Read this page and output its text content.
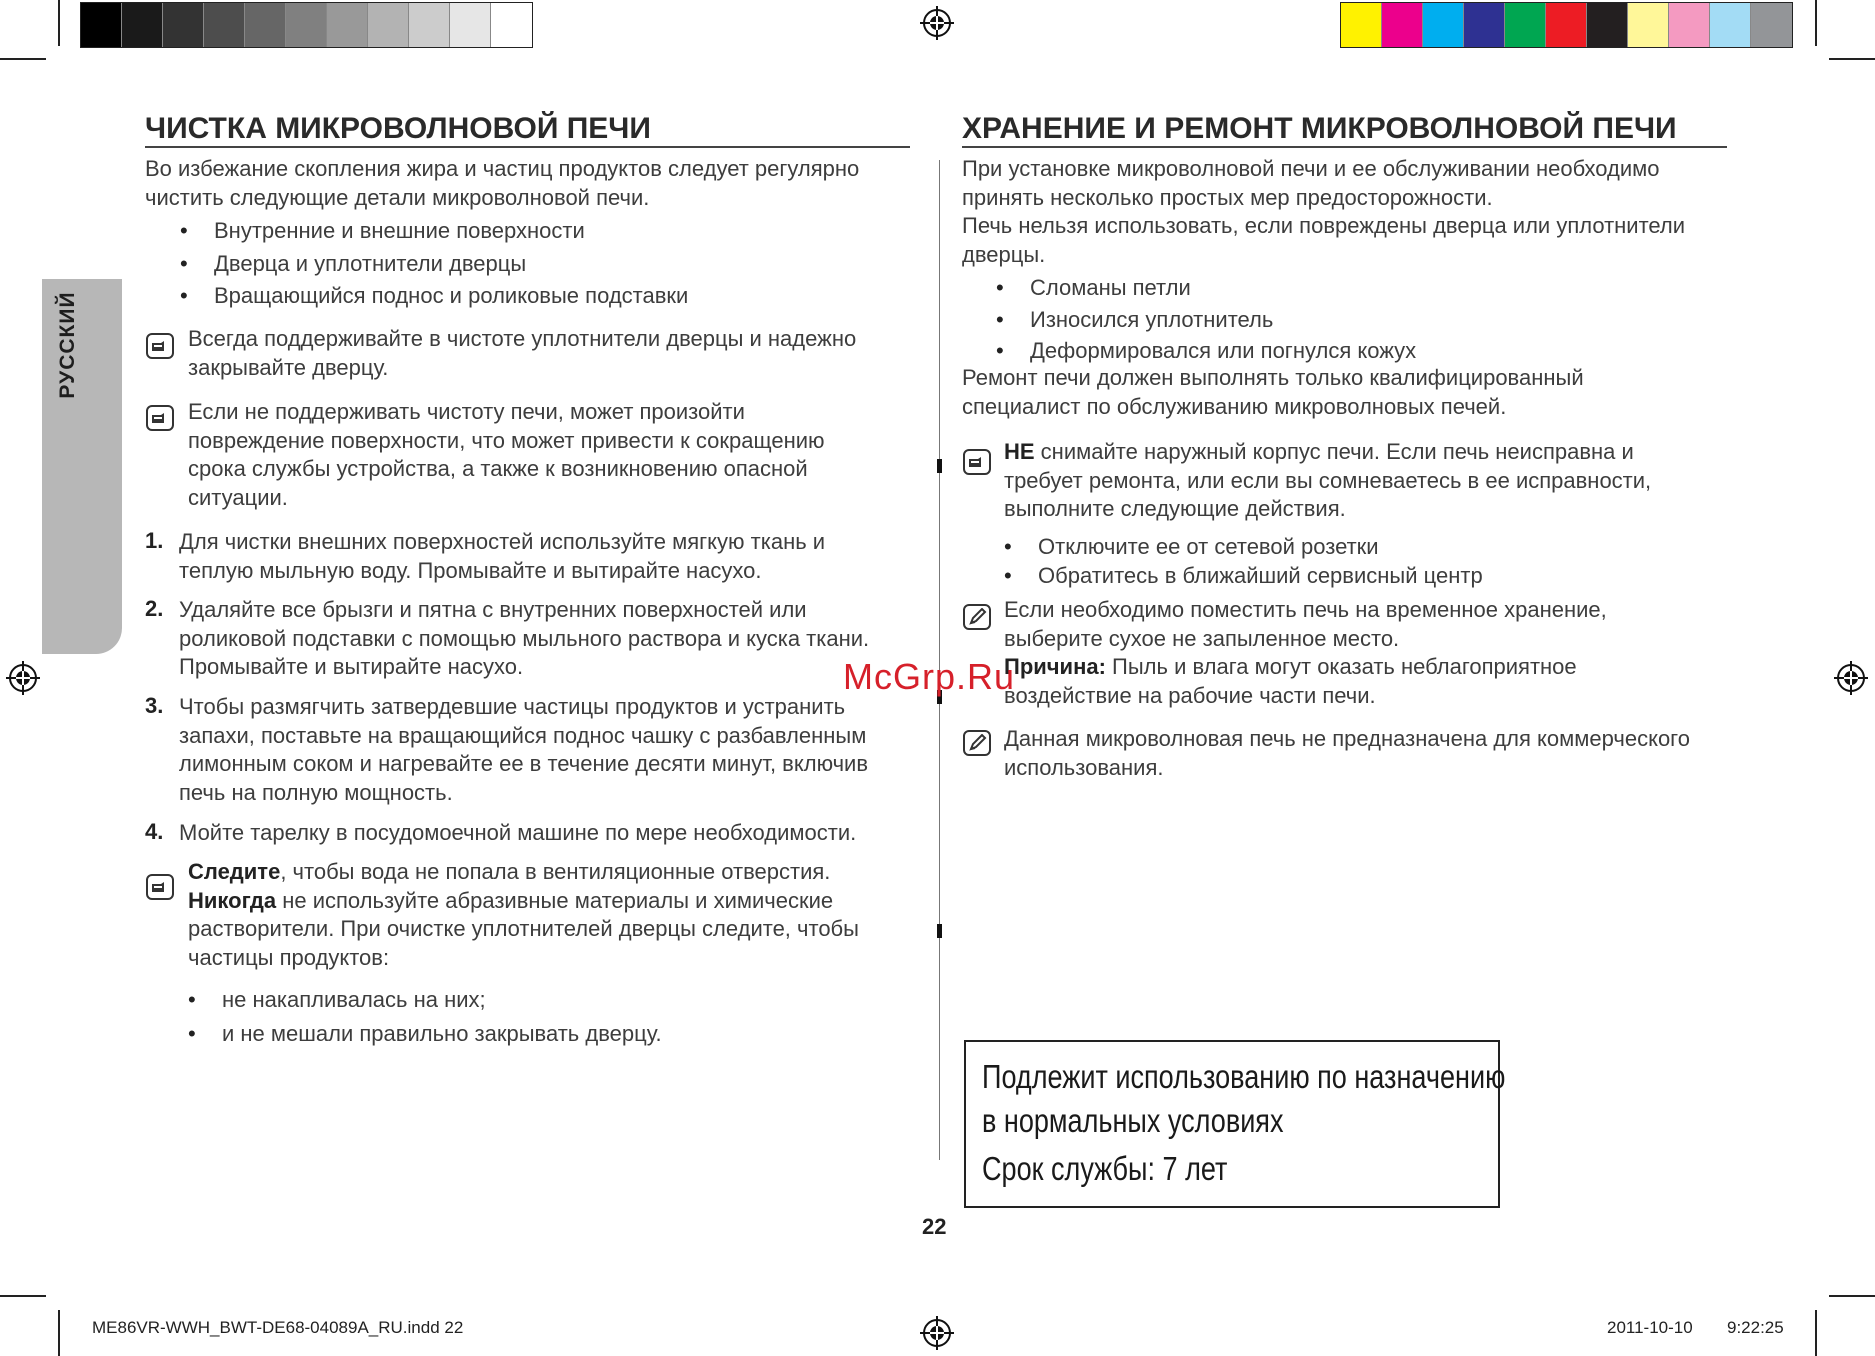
РУССКИЙ
ЧИСТКА МИКРОВОЛНОВОЙ ПЕЧИ
Во избежание скопления жира и частиц продуктов следует регулярно
чистить следующие детали микроволновой печи.
• Внутренние и внешние поверхности
• Дверца и уплотнители дверцы
• Вращающийся поднос и роликовые подставки
Всегда поддерживайте в чистоте уплотнители дверцы и надежно
закрывайте дверцу.
Если не поддерживать чистоту печи, может произойти
повреждение поверхности, что может привести к сокращению
срока службы устройства, а также к возникновению опасной
ситуации.
1. Для чистки внешних поверхностей используйте мягкую ткань и
теплую мыльную воду. Промывайте и вытирайте насухо.
2. Удаляйте все брызги и пятна с внутренних поверхностей или
роликовой подставки с помощью мыльного раствора и куска ткани.
Промывайте и вытирайте насухо.
3. Чтобы размягчить затвердевшие частицы продуктов и устранить
запахи, поставьте на вращающийся поднос чашку с разбавленным
лимонным соком и нагревайте ее в течение десяти минут, включив
печь на полную мощность.
4. Мойте тарелку в посудомоечной машине по мере необходимости.
Следите, чтобы вода не попала в вентиляционные отверстия.
Никогда не используйте абразивные материалы и химические
растворители. При очистке уплотнителей дверцы следите, чтобы
частицы продуктов:
• не накапливалась на них;
• и не мешали правильно закрывать дверцу.
ХРАНЕНИЕ И РЕМОНТ МИКРОВОЛНОВОЙ ПЕЧИ
При установке микроволновой печи и ее обслуживании необходимо
принять несколько простых мер предосторожности.
Печь нельзя использовать, если повреждены дверца или уплотнители
дверцы.
• Сломаны петли
• Износился уплотнитель
• Деформировался или погнулся кожух
Ремонт печи должен выполнять только квалифицированный
специалист по обслуживанию микроволновых печей.
НЕ снимайте наружный корпус печи. Если печь неисправна и
требует ремонта, или если вы сомневаетесь в ее исправности,
выполните следующие действия.
• Отключите ее от сетевой розетки
• Обратитесь в ближайший сервисный центр
Если необходимо поместить печь на временное хранение,
выберите сухое не запыленное место.
Причина: Пыль и влага могут оказать неблагоприятное
воздействие на рабочие части печи.
Данная микроволновая печь не предназначена для коммерческого
использования.
Подлежит использованию по назначению
в нормальных условиях
Срок службы: 7 лет
McGrp.Ru
22
ME86VR-WWH_BWT-DE68-04089A_RU.indd 22	2011-10-10 9:22:25
